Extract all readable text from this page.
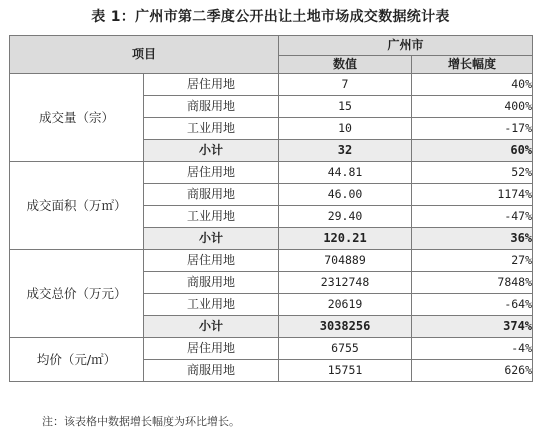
表 1：广州市第二季度公开出让土地市场成交数据统计表
项目		广州市	
		数值	增长幅度
成交量（宗）	居住用地	7	40%
	商服用地	15	400%
	工业用地	10	-17%
	小计	32	60%
成交面积（万㎡）	居住用地	44.81	52%
	商服用地	46.00	1174%
	工业用地	29.40	-47%
	小计	120.21	36%
成交总价（万元）	居住用地	704889	27%
	商服用地	2312748	7848%
	工业用地	20619	-64%
	小计	3038256	374%
均价（元/㎡）	居住用地	6755	-4%
	商服用地	15751	626%
注：该表格中数据增长幅度为环比增长。
